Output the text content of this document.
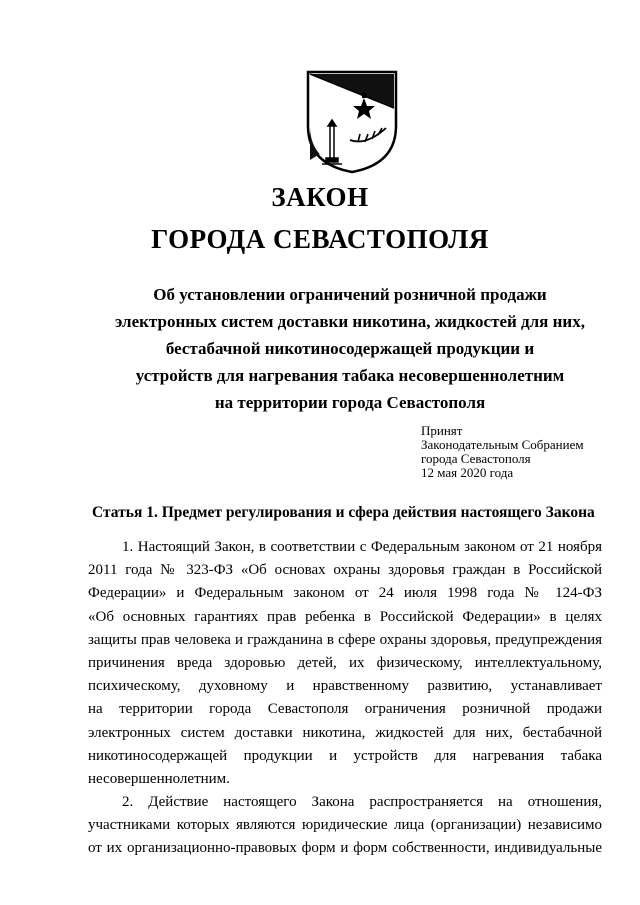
ЗАКОН
ГОРОДА СЕВАСТОПОЛЯ
Об установлении ограничений розничной продажи
электронных систем доставки никотина, жидкостей для них,
бестабачной никотиносодержащей продукции и
устройств для нагревания табака несовершеннолетним
на территории города Севастополя
Принят
Законодательным Собранием
города Севастополя
12 мая 2020 года
Статья 1. Предмет регулирования и сфера действия настоящего Закона
1. Настоящий Закон, в соответствии с Федеральным законом от 21 ноября
2011 года № 323-ФЗ «Об основах охраны здоровья граждан в Российской
Федерации» и Федеральным законом от 24 июля 1998 года № 124-ФЗ
«Об основных гарантиях прав ребенка в Российской Федерации» в целях
защиты прав человека и гражданина в сфере охраны здоровья, предупреждения
причинения вреда здоровью детей, их физическому, интеллектуальному,
психическому, духовному и нравственному развитию, устанавливает
на территории города Севастополя ограничения розничной продажи
электронных систем доставки никотина, жидкостей для них, бестабачной
никотиносодержащей продукции и устройств для нагревания табака
несовершеннолетним.
2. Действие настоящего Закона распространяется на отношения,
участниками которых являются юридические лица (организации) независимо
от их организационно-правовых форм и форм собственности, индивидуальные
